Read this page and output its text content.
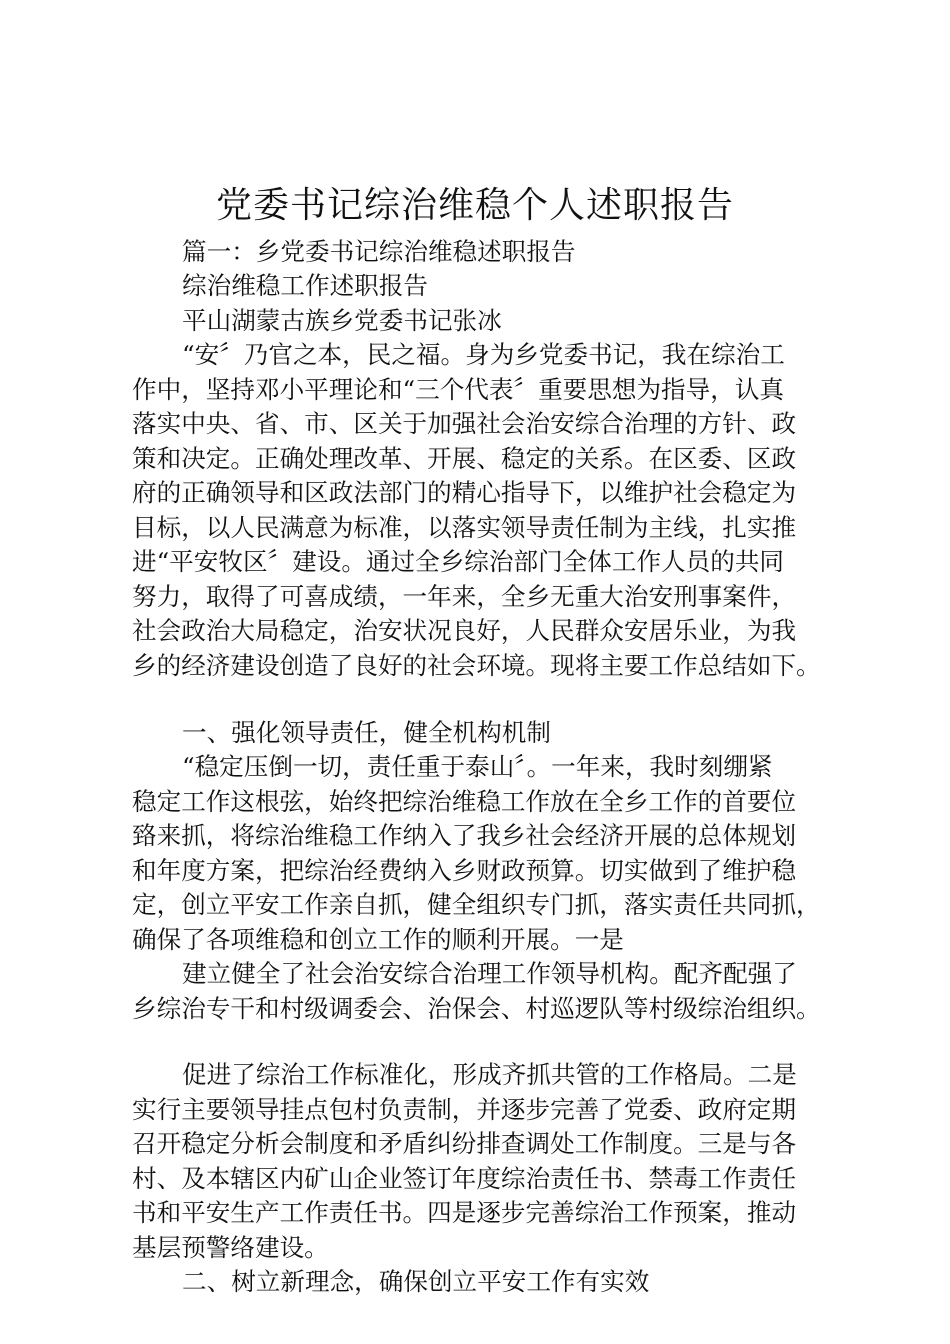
党委书记综治维稳个人述职报告

篇一：乡党委书记综治维稳述职报告

综治维稳工作述职报告

平山湖蒙古族乡党委书记张冰

“安〞乃官之本，民之福。身为乡党委书记，我在综治工

作中，坚持邓小平理论和“三个代表〞重要思想为指导，认真

落实中央、省、市、区关于加强社会治安综合治理的方针、政

策和决定。正确处理改革、开展、稳定的关系。在区委、区政

府的正确领导和区政法部门的精心指导下，以维护社会稳定为

目标，以人民满意为标准，以落实领导责任制为主线，扎实推

进“平安牧区〞建设。通过全乡综治部门全体工作人员的共同

努力，取得了可喜成绩，一年来，全乡无重大治安刑事案件，

社会政治大局稳定，治安状况良好，人民群众安居乐业，为我

乡的经济建设创造了良好的社会环境。现将主要工作总结如下。

一、强化领导责任，健全机构机制

“稳定压倒一切，责任重于泰山〞。一年来，我时刻绷紧

稳定工作这根弦，始终把综治维稳工作放在全乡工作的首要位

臵来抓，将综治维稳工作纳入了我乡社会经济开展的总体规划

和年度方案，把综治经费纳入乡财政预算。切实做到了维护稳

定，创立平安工作亲自抓，健全组织专门抓，落实责任共同抓，

确保了各项维稳和创立工作的顺利开展。一是

建立健全了社会治安综合治理工作领导机构。配齐配强了

乡综治专干和村级调委会、治保会、村巡逻队等村级综治组织。

促进了综治工作标准化，形成齐抓共管的工作格局。二是

实行主要领导挂点包村负责制，并逐步完善了党委、政府定期

召开稳定分析会制度和矛盾纠纷排查调处工作制度。三是与各

村、及本辖区内矿山企业签订年度综治责任书、禁毒工作责任

书和平安生产工作责任书。四是逐步完善综治工作预案，推动

基层预警络建设。

二、树立新理念，确保创立平安工作有实效
